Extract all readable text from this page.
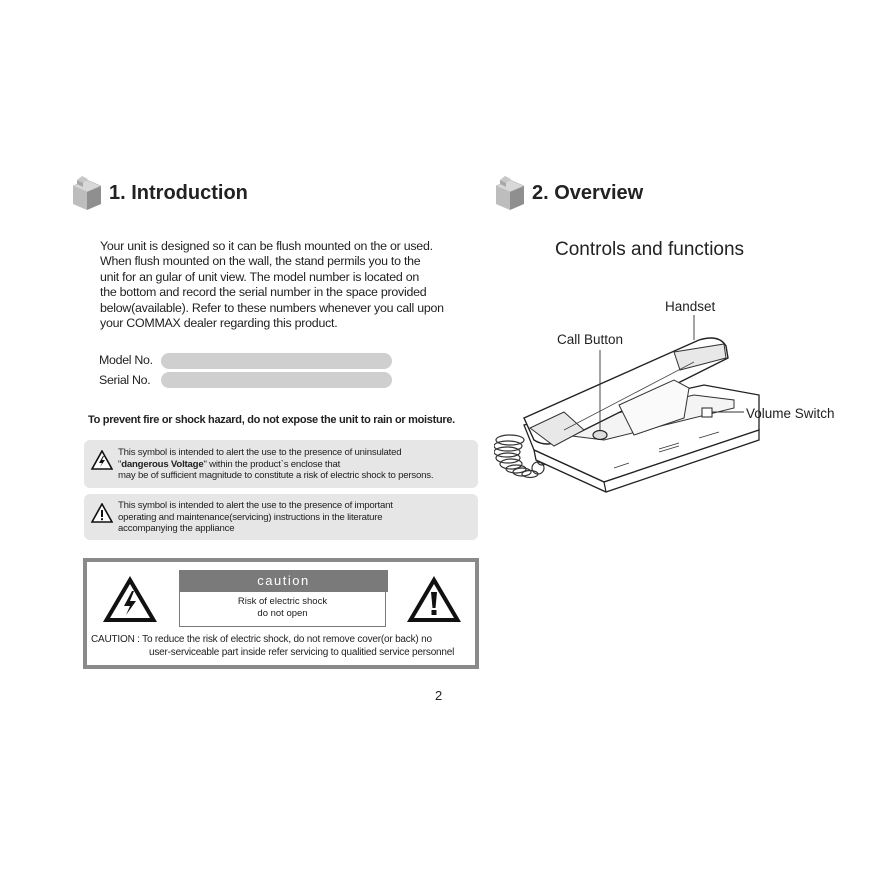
1. Introduction
Your unit is designed so it can be flush mounted on the or used.
When flush mounted on the wall, the stand permils you to the
unit for an gular of unit view. The model number is located on
the bottom and record the serial number in the space provided
below(available). Refer to these numbers whenever you call upon
your COMMAX dealer regarding this product.
Model No.
Serial No.
To prevent fire or shock hazard, do not expose the unit to rain or moisture.
This symbol is intended to alert the use to the presence of uninsulated
"dangerous Voltage" within the product`s enclose that
may be of sufficient magnitude to constitute a risk of electric shock to persons.
This symbol is intended to alert the use to the presence of important
operating and maintenance(servicing) instructions in the literature
accompanying the appliance
caution
Risk of electric shock
do not open
CAUTION : To reduce the risk of electric shock, do not remove cover(or back) no
user-serviceable part inside refer servicing to qualitied service personnel
2
2. Overview
Controls and functions
Handset
Call Button
Volume Switch
